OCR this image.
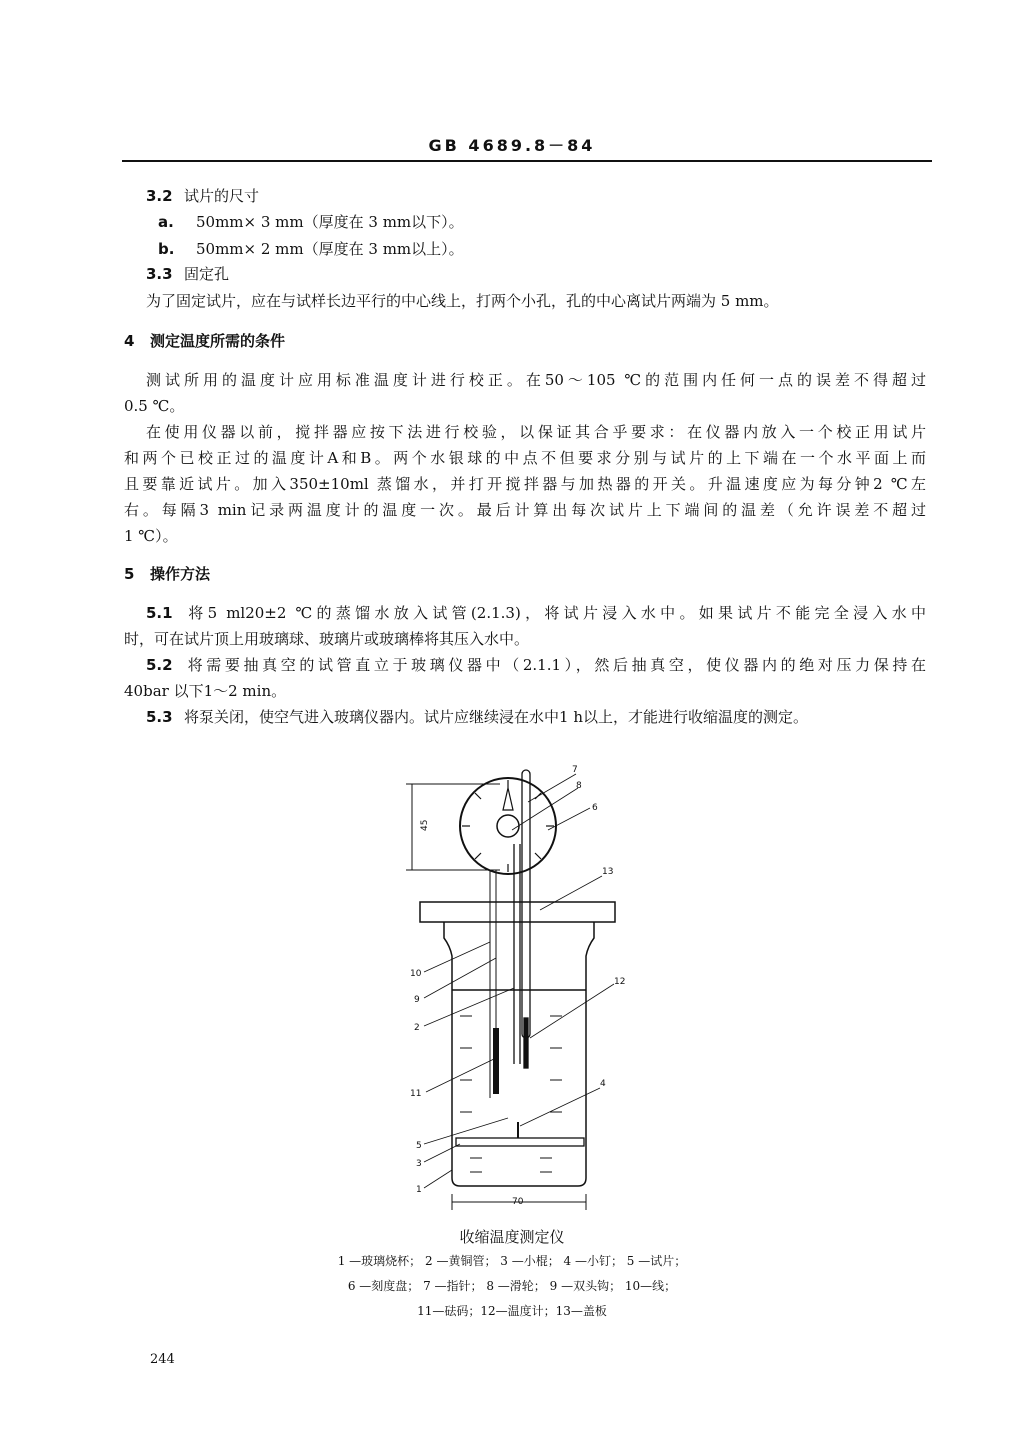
GB 4689.8－84
3.2 试片的尺寸
a. 50mm× 3 mm（厚度在 3 mm以下）。
b. 50mm× 2 mm（厚度在 3 mm以上）。
3.3 固定孔
为了固定试片，应在与试样长边平行的中心线上，打两个小孔，孔的中心离试片两端为 5 mm。
4 测定温度所需的条件
测试所用的温度计应用标准温度计进行校正。在50～105 ℃的范围内任何一点的误差不得超过
0.5 ℃。
在使用仪器以前，搅拌器应按下法进行校验，以保证其合乎要求：在仪器内放入一个校正用试片
和两个已校正过的温度计A和B。两个水银球的中点不但要求分别与试片的上下端在一个水平面上而
且要靠近试片。加入350±10ml 蒸馏水，并打开搅拌器与加热器的开关。升温速度应为每分钟2 ℃左
右。每隔3 min记录两温度计的温度一次。最后计算出每次试片上下端间的温差（允许误差不超过
1 ℃）。
5 操作方法
5.1 将5 ml20±2 ℃的蒸馏水放入试管(2.1.3)，将试片浸入水中。如果试片不能完全浸入水中
时，可在试片顶上用玻璃球、玻璃片或玻璃棒将其压入水中。
5.2 将需要抽真空的试管直立于玻璃仪器中（2.1.1），然后抽真空，使仪器内的绝对压力保持在
40bar 以下1～2 min。
5.3 将泵关闭，使空气进入玻璃仪器内。试片应继续浸在水中1 h以上，才能进行收缩温度的测定。
45
70
7
8
6
13
10
9
12
2
11
4
5
3
1
收缩温度测定仪
1 —玻璃烧杯； 2 —黄铜管； 3 —小棍； 4 —小钉； 5 —试片；
6 —刻度盘； 7 —指针； 8 —滑轮； 9 —双头钩； 10—线；
11—砝码；12—温度计；13—盖板
244
